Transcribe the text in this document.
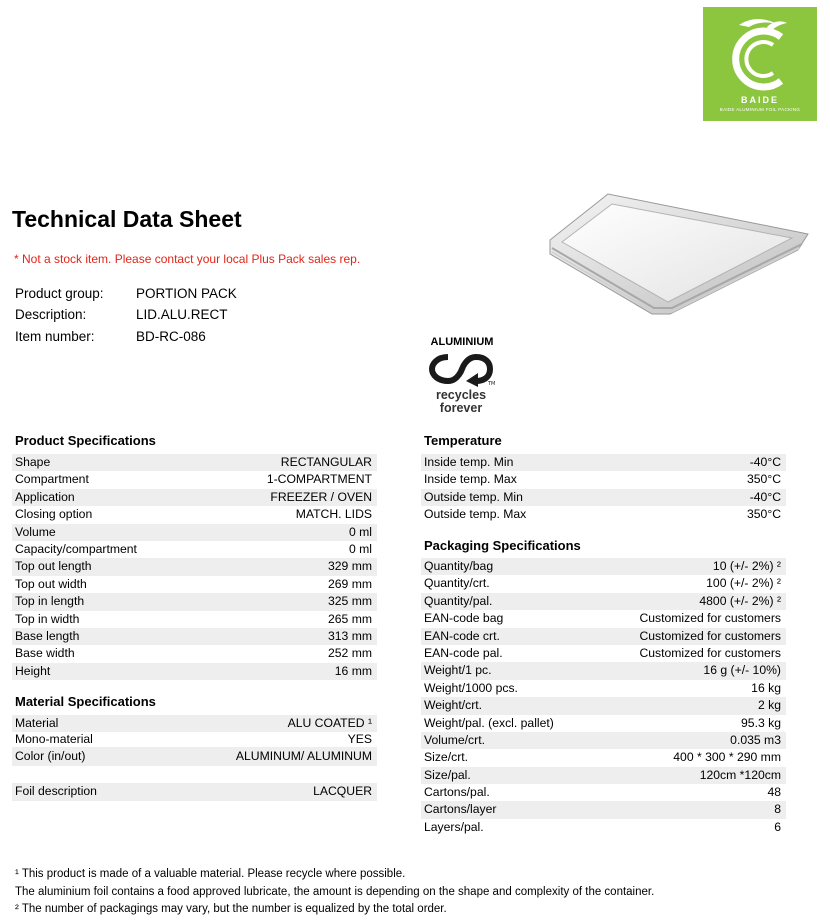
BAIDE
BAIDE ALUMINIUM FOIL PACKING
Technical Data Sheet
* Not a stock item. Please contact your local Plus Pack sales rep.
Product group:	PORTION PACK
Description:	LID.ALU.RECT
Item number:	BD-RC-086	ALUMINIUM
TM
recycles
forever
Product Specifications
Shape	RECTANGULAR
Compartment	1-COMPARTMENT
Application	FREEZER / OVEN
Closing option	MATCH. LIDS
Volume	0 ml
Capacity/compartment	0 ml
Top out length	329 mm
Top out width	269 mm
Top in length	325 mm
Top in width	265 mm
Base length	313 mm
Base width	252 mm
Height	16 mm
Material Specifications
Material	ALU COATED ¹
Mono-material	YES
Color (in/out)	ALUMINUM/ ALUMINUM
Foil description	LACQUER
Temperature
Inside temp. Min	-40°C
Inside temp. Max	350°C
Outside temp. Min	-40°C
Outside temp. Max	350°C
Packaging Specifications
Quantity/bag	10 (+/- 2%) ²
Quantity/crt.	100 (+/- 2%) ²
Quantity/pal.	4800 (+/- 2%) ²
EAN-code bag	Customized for customers
EAN-code crt.	Customized for customers
EAN-code pal.	Customized for customers
Weight/1 pc.	16 g (+/- 10%)
Weight/1000 pcs.	16 kg
Weight/crt.	2 kg
Weight/pal. (excl. pallet)	95.3 kg
Volume/crt.	0.035 m3
Size/crt.	400 * 300 * 290 mm
Size/pal.	120cm *120cm
Cartons/pal.	48
Cartons/layer	8
Layers/pal.	6
¹ This product is made of a valuable material. Please recycle where possible.
The aluminium foil contains a food approved lubricate, the amount is depending on the shape and complexity of the container.
² The number of packagings may vary, but the number is equalized by the total order.
